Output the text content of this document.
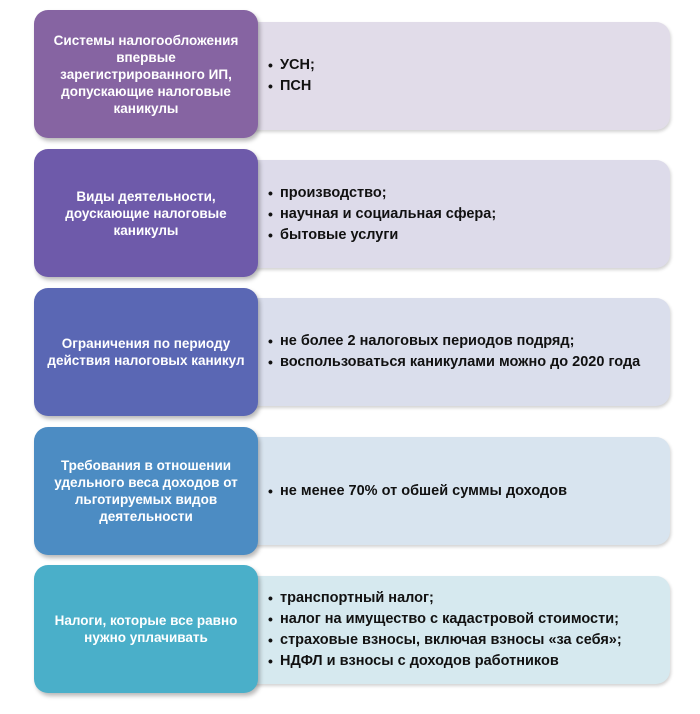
• УСН;
• ПСН
Системы налогообложения впервые зарегистрированного ИП, допускающие налоговые каникулы
• производство;
• научная и социальная сфера;
• бытовые услуги
Виды деятельности, доускающие налоговые каникулы
• не более 2 налоговых периодов подряд;
• воспользоваться каникулами можно до 2020 года
Ограничения по периоду действия налоговых каникул
• не менее 70% от обшей суммы доходов
Требования в отношении удельного веса доходов от льготируемых видов деятельности
• транспортный налог;
• налог на имущество с кадастровой стоимости;
• страховые взносы, включая взносы «за себя»;
• НДФЛ и взносы с доходов работников
Налоги, которые все равно нужно уплачивать
